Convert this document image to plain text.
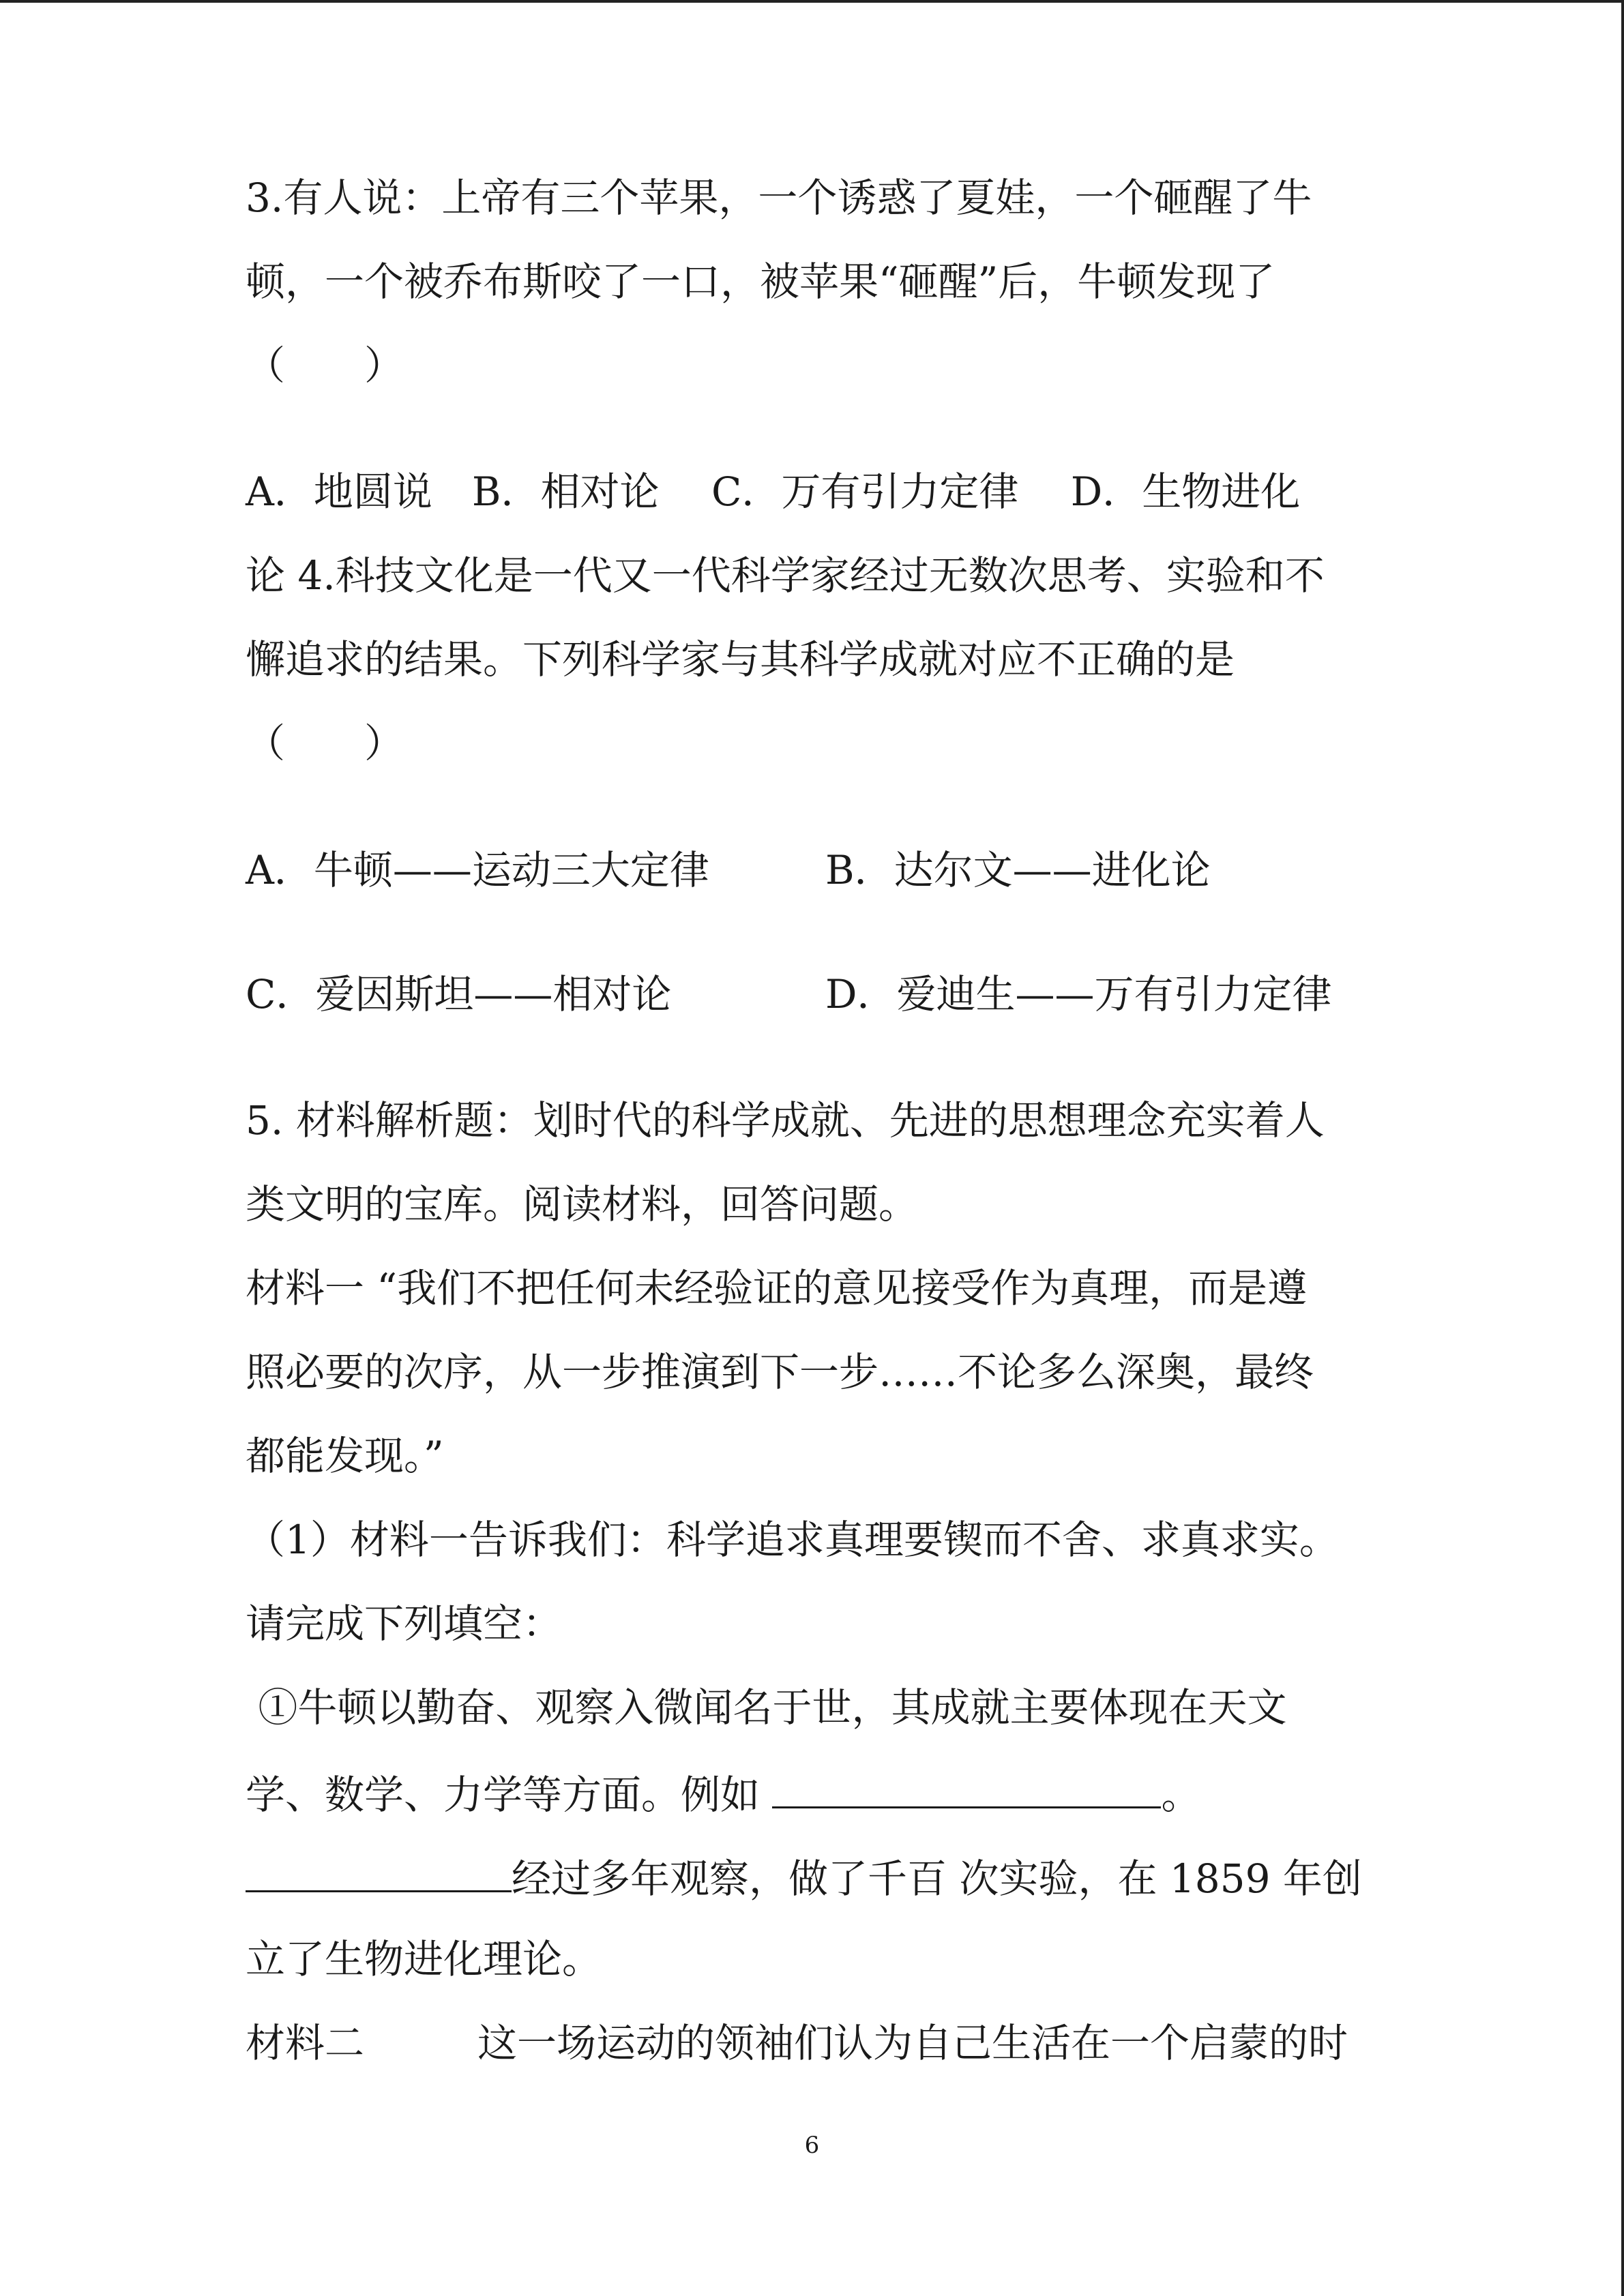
3.有人说：上帝有三个苹果，一个诱惑了夏娃，一个砸醒了牛
顿，一个被乔布斯咬了一口，被苹果“砸醒”后，牛顿发现了
（　　）
A．地圆说　B．相对论　 C．万有引力定律　 D．生物进化
论 4.科技文化是一代又一代科学家经过无数次思考、实验和不
懈追求的结果。下列科学家与其科学成就对应不正确的是
（　　）
A．牛顿——运动三大定律	B．达尔文——进化论
C．爱因斯坦——相对论	D．爱迪生——万有引力定律
5. 材料解析题：划时代的科学成就、先进的思想理念充实着人
类文明的宝库。阅读材料，回答问题。
材料一 “我们不把任何未经验证的意见接受作为真理，而是遵
照必要的次序，从一步推演到下一步……不论多么深奥，最终
都能发现。”
（1）材料一告诉我们：科学追求真理要锲而不舍、求真求实。
请完成下列填空：
①牛顿以勤奋、观察入微闻名于世，其成就主要体现在天文
学、数学、力学等方面。例如	。
经过多年观察，做了千百 次实验，在 1859 年创
立了生物进化理论。
材料二	这一场运动的领袖们认为自己生活在一个启蒙的时
6
